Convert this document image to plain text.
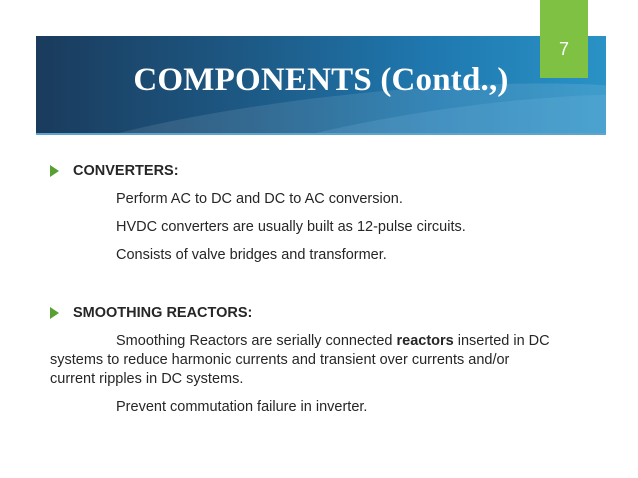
COMPONENTS (Contd.,)
7
CONVERTERS:
Perform AC to DC and DC to AC conversion.
HVDC converters are usually built as 12-pulse circuits.
Consists of valve bridges and transformer.
SMOOTHING REACTORS:
Smoothing Reactors are serially connected reactors inserted in DC
systems to reduce harmonic currents and transient over currents and/or
current ripples in DC systems.
Prevent commutation failure in inverter.
